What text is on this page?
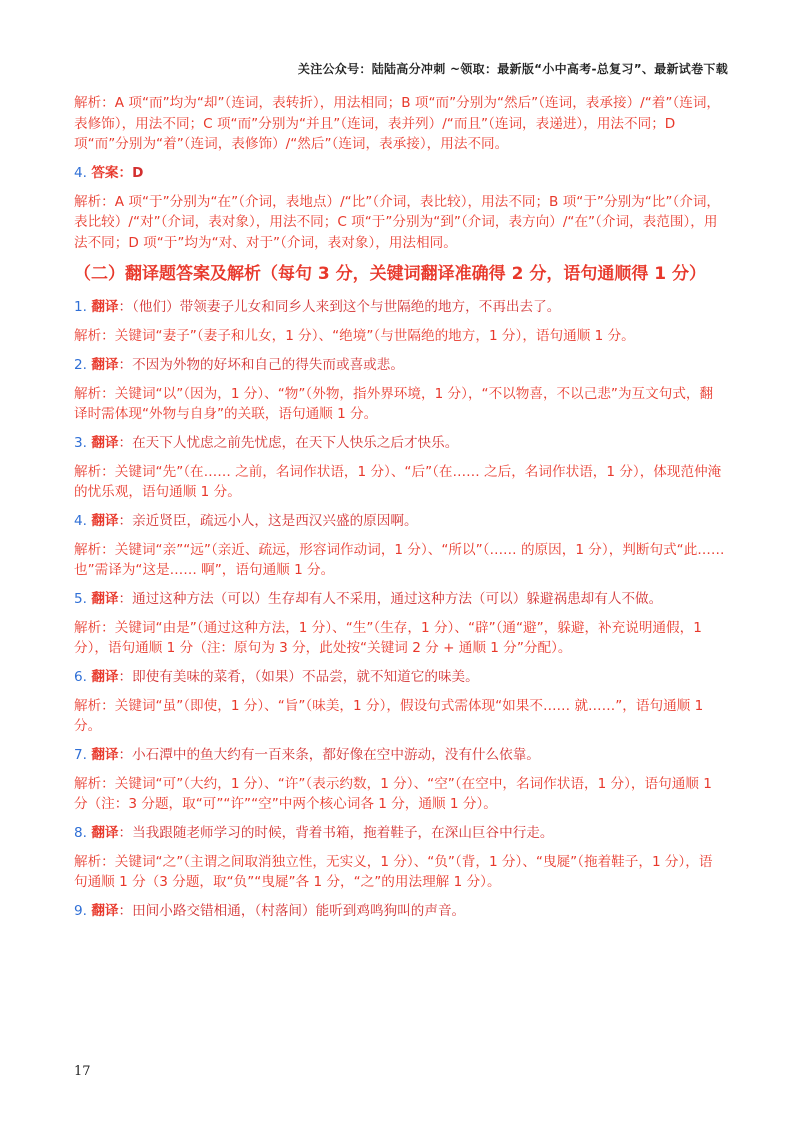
关注公众号：陆陆高分冲刺 ~领取：最新版“小中高考-总复习”、最新试卷下载

解析：A 项“而”均为“却”（连词，表转折），用法相同；B 项“而”分别为“然后”（连词，表承接）/“着”（连词，表修饰），用法不同；C 项“而”分别为“并且”（连词，表并列）/“而且”（连词，表递进），用法不同；D 项“而”分别为“着”（连词，表修饰）/“然后”（连词，表承接），用法不同。

4. 答案：D

解析：A 项“于”分别为“在”（介词，表地点）/“比”（介词，表比较），用法不同；B 项“于”分别为“比”（介词，表比较）/“对”（介词，表对象），用法不同；C 项“于”分别为“到”（介词，表方向）/“在”（介词，表范围），用法不同；D 项“于”均为“对、对于”（介词，表对象），用法相同。

（二）翻译题答案及解析（每句 3 分，关键词翻译准确得 2 分，语句通顺得 1 分）

1. 翻译：（他们）带领妻子儿女和同乡人来到这个与世隔绝的地方，不再出去了。

解析：关键词“妻子”（妻子和儿女，1 分）、“绝境”（与世隔绝的地方，1 分），语句通顺 1 分。

2. 翻译：不因为外物的好坏和自己的得失而或喜或悲。

解析：关键词“以”（因为，1 分）、“物”（外物，指外界环境，1 分），“不以物喜，不以己悲”为互文句式，翻译时需体现“外物与自身”的关联，语句通顺 1 分。

3. 翻译：在天下人忧虑之前先忧虑，在天下人快乐之后才快乐。

解析：关键词“先”（在…… 之前，名词作状语，1 分）、“后”（在…… 之后，名词作状语，1 分），体现范仲淹的忧乐观，语句通顺 1 分。

4. 翻译：亲近贤臣，疏远小人，这是西汉兴盛的原因啊。

解析：关键词“亲”“远”（亲近、疏远，形容词作动词，1 分）、“所以”（…… 的原因，1 分），判断句式“此…… 也”需译为“这是…… 啊”，语句通顺 1 分。

5. 翻译：通过这种方法（可以）生存却有人不采用，通过这种方法（可以）躲避祸患却有人不做。

解析：关键词“由是”（通过这种方法，1 分）、“生”（生存，1 分）、“辟”（通“避”，躲避，补充说明通假，1 分），语句通顺 1 分（注：原句为 3 分，此处按“关键词 2 分 + 通顺 1 分”分配）。

6. 翻译：即使有美味的菜肴，（如果）不品尝，就不知道它的味美。

解析：关键词“虽”（即使，1 分）、“旨”（味美，1 分），假设句式需体现“如果不…… 就……”，语句通顺 1 分。

7. 翻译：小石潭中的鱼大约有一百来条，都好像在空中游动，没有什么依靠。

解析：关键词“可”（大约，1 分）、“许”（表示约数，1 分）、“空”（在空中，名词作状语，1 分），语句通顺 1 分（注：3 分题，取“可”“许”“空”中两个核心词各 1 分，通顺 1 分）。

8. 翻译：当我跟随老师学习的时候，背着书箱，拖着鞋子，在深山巨谷中行走。

解析：关键词“之”（主谓之间取消独立性，无实义，1 分）、“负”（背，1 分）、“曳屣”（拖着鞋子，1 分），语句通顺 1 分（3 分题，取“负”“曳屣”各 1 分，“之”的用法理解 1 分）。

9. 翻译：田间小路交错相通，（村落间）能听到鸡鸣狗叫的声音。

17
